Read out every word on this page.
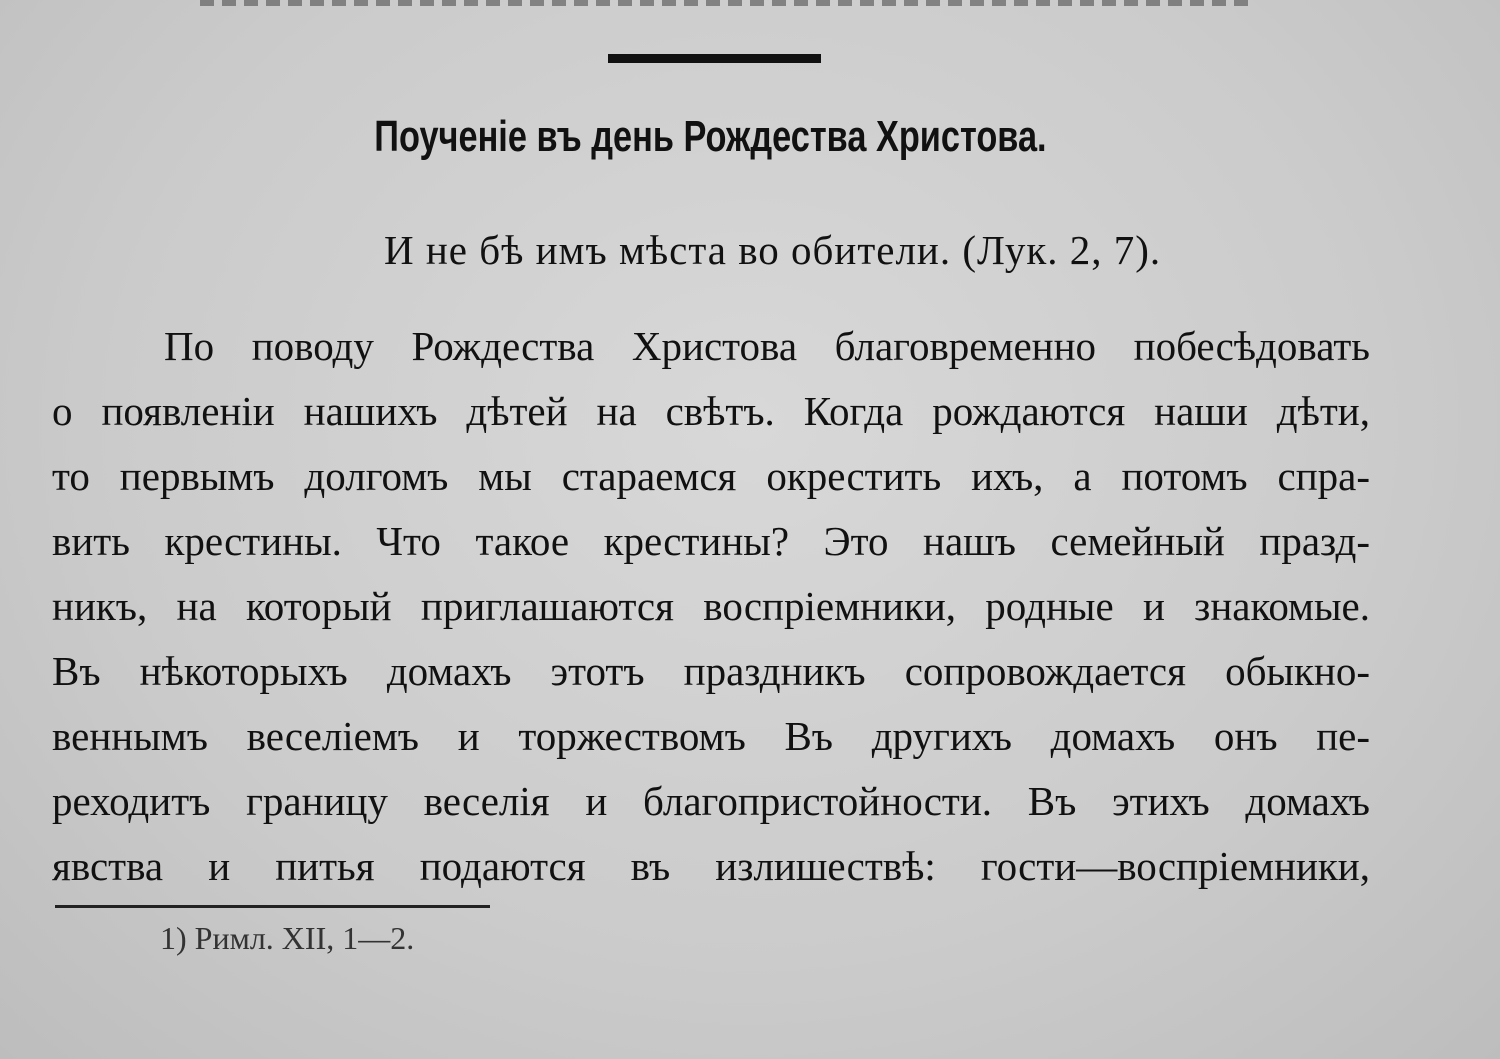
Поученіе въ день Рождества Христова.
И не бѣ имъ мѣста во обители. (Лук. 2, 7).
По поводу Рождества Христова благовременно побесѣдовать
о появленіи нашихъ дѣтей на свѣтъ. Когда рождаются наши дѣти,
то первымъ долгомъ мы стараемся окрестить ихъ, а потомъ спра-
вить крестины. Что такое крестины? Это нашъ семейный празд-
никъ, на который приглашаются воспріемники, родные и знакомые.
Въ нѣкоторыхъ домахъ этотъ праздникъ сопровождается обыкно-
веннымъ веселіемъ и торжествомъ Въ другихъ домахъ онъ пе-
реходитъ границу веселія и благопристойности. Въ этихъ домахъ
явства и питья подаются въ излишествѣ: гости—воспріемники,
1) Римл. XII, 1—2.
